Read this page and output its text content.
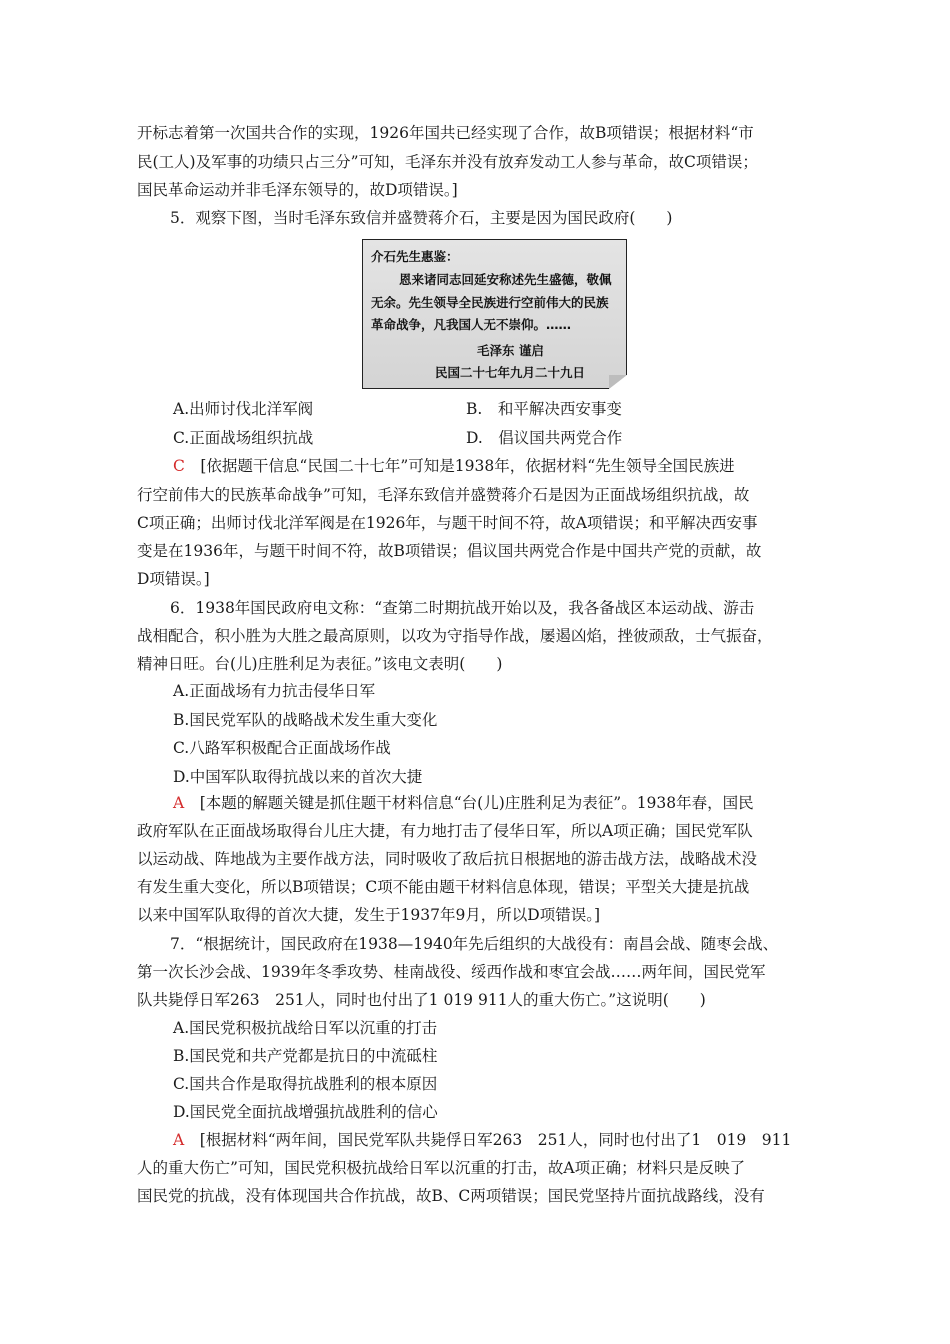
开标志着第一次国共合作的实现，1926年国共已经实现了合作，故B项错误；根据材料“市
民(工人)及军事的功绩只占三分”可知，毛泽东并没有放弃发动工人参与革命，故C项错误；
国民革命运动并非毛泽东领导的，故D项错误。]
5．观察下图，当时毛泽东致信并盛赞蒋介石，主要是因为国民政府(　　)
A.出师讨伐北洋军阀	B.　和平解决西安事变
C.正面战场组织抗战	D.　倡议国共两党合作
C　[依据题干信息“民国二十七年”可知是1938年，依据材料“先生领导全国民族进
行空前伟大的民族革命战争”可知，毛泽东致信并盛赞蒋介石是因为正面战场组织抗战，故
C项正确；出师讨伐北洋军阀是在1926年，与题干时间不符，故A项错误；和平解决西安事
变是在1936年，与题干时间不符，故B项错误；倡议国共两党合作是中国共产党的贡献，故
D项错误。]
6．1938年国民政府电文称：“查第二时期抗战开始以及，我各备战区本运动战、游击
战相配合，积小胜为大胜之最高原则，以攻为守指导作战，屡遏凶焰，挫彼顽敌，士气振奋，
精神日旺。台(儿)庄胜利足为表征。”该电文表明(　　)
A.正面战场有力抗击侵华日军
B.国民党军队的战略战术发生重大变化
C.八路军积极配合正面战场作战
D.中国军队取得抗战以来的首次大捷
A　[本题的解题关键是抓住题干材料信息“台(儿)庄胜利足为表征”。1938年春，国民
政府军队在正面战场取得台儿庄大捷，有力地打击了侵华日军，所以A项正确；国民党军队
以运动战、阵地战为主要作战方法，同时吸收了敌后抗日根据地的游击战方法，战略战术没
有发生重大变化，所以B项错误；C项不能由题干材料信息体现，错误；平型关大捷是抗战
以来中国军队取得的首次大捷，发生于1937年9月，所以D项错误。]
7．“根据统计，国民政府在1938—1940年先后组织的大战役有：南昌会战、随枣会战、
第一次长沙会战、1939年冬季攻势、桂南战役、绥西作战和枣宜会战……两年间，国民党军
队共毙俘日军263　251人，同时也付出了1 019 911人的重大伤亡。”这说明(　　)
A.国民党积极抗战给日军以沉重的打击
B.国民党和共产党都是抗日的中流砥柱
C.国共合作是取得抗战胜利的根本原因
D.国民党全面抗战增强抗战胜利的信心
A　[根据材料“两年间，国民党军队共毙俘日军263　251人，同时也付出了1　019　911
人的重大伤亡”可知，国民党积极抗战给日军以沉重的打击，故A项正确；材料只是反映了
国民党的抗战，没有体现国共合作抗战，故B、C两项错误；国民党坚持片面抗战路线，没有
介石先生惠鉴：
恩来诸同志回延安称述先生盛德，敬佩
无余。先生领导全民族进行空前伟大的民族
革命战争，凡我国人无不崇仰。……
毛泽东 谨启
民国二十七年九月二十九日
